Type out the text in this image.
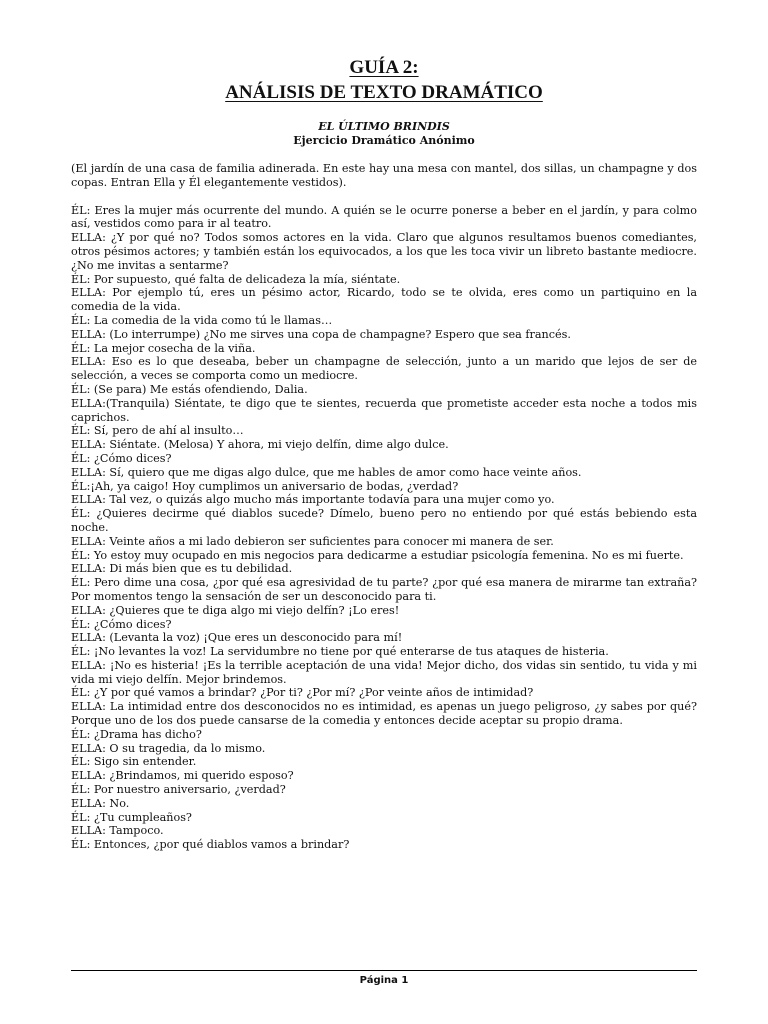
GUÍA 2:
ANÁLISIS DE TEXTO DRAMÁTICO
EL ÚLTIMO BRINDIS
Ejercicio Dramático Anónimo

(El jardín de una casa de familia adinerada. En este hay una mesa con mantel, dos sillas, un champagne y dos copas. Entran Ella y Él elegantemente vestidos).

ÉL: Eres la mujer más ocurrente del mundo. A quién se le ocurre ponerse a beber en el jardín, y para colmo así, vestidos como para ir al teatro.

ELLA: ¿Y por qué no? Todos somos actores en la vida. Claro que algunos resultamos buenos comediantes, otros pésimos actores; y también están los equivocados, a los que les toca vivir un libreto bastante mediocre. ¿No me invitas a sentarme?

ÉL: Por supuesto, qué falta de delicadeza la mía, siéntate.

ELLA: Por ejemplo tú, eres un pésimo actor, Ricardo, todo se te olvida, eres como un partiquino en la comedia de la vida.

ÉL: La comedia de la vida como tú le llamas…

ELLA: (Lo interrumpe) ¿No me sirves una copa de champagne? Espero que sea francés.

ÉL: La mejor cosecha de la viña.

ELLA: Eso es lo que deseaba, beber un champagne de selección, junto a un marido que lejos de ser de selección, a veces se comporta como un mediocre.

ÉL: (Se para) Me estás ofendiendo, Dalia.

ELLA:(Tranquila) Siéntate, te digo que te sientes, recuerda que prometiste acceder esta noche a todos mis caprichos.

ÉL: Sí, pero de ahí al insulto…

ELLA: Siéntate. (Melosa) Y ahora, mi viejo delfín, dime algo dulce.

ÉL: ¿Cómo dices?

ELLA: Sí, quiero que me digas algo dulce, que me hables de amor como hace veinte años.

ÉL:¡Ah, ya caigo! Hoy cumplimos un aniversario de bodas, ¿verdad?

ELLA: Tal vez, o quizás algo mucho más importante todavía para una mujer como yo.

ÉL: ¿Quieres decirme qué diablos sucede? Dímelo, bueno pero no entiendo por qué estás bebiendo esta noche.

ELLA: Veinte años a mi lado debieron ser suficientes para conocer mi manera de ser.

ÉL: Yo estoy muy ocupado en mis negocios para dedicarme a estudiar psicología femenina. No es mi fuerte.

ELLA: Di más bien que es tu debilidad.

ÉL: Pero dime una cosa, ¿por qué esa agresividad de tu parte? ¿por qué esa manera de mirarme tan extraña? Por momentos tengo la sensación de ser un desconocido para ti.

ELLA: ¿Quieres que te diga algo mi viejo delfín? ¡Lo eres!

ÉL: ¿Cómo dices?

ELLA: (Levanta la voz) ¡Que eres un desconocido para mí!

ÉL: ¡No levantes la voz! La servidumbre no tiene por qué enterarse de tus ataques de histeria.

ELLA: ¡No es histeria! ¡Es la terrible aceptación de una vida! Mejor dicho, dos vidas sin sentido, tu vida y mi vida mi viejo delfín. Mejor brindemos.

ÉL: ¿Y por qué vamos a brindar? ¿Por ti? ¿Por mí? ¿Por veinte años de intimidad?

ELLA: La intimidad entre dos desconocidos no es intimidad, es apenas un juego peligroso, ¿y sabes por qué? Porque uno de los dos puede cansarse de la comedia y entonces decide aceptar su propio drama.

ÉL: ¿Drama has dicho?

ELLA: O su tragedia, da lo mismo.

ÉL: Sigo sin entender.

ELLA: ¿Brindamos, mi querido esposo?

ÉL: Por nuestro aniversario, ¿verdad?

ELLA: No.

ÉL: ¿Tu cumpleaños?

ELLA: Tampoco.

ÉL: Entonces, ¿por qué diablos vamos a brindar?

Página 1
